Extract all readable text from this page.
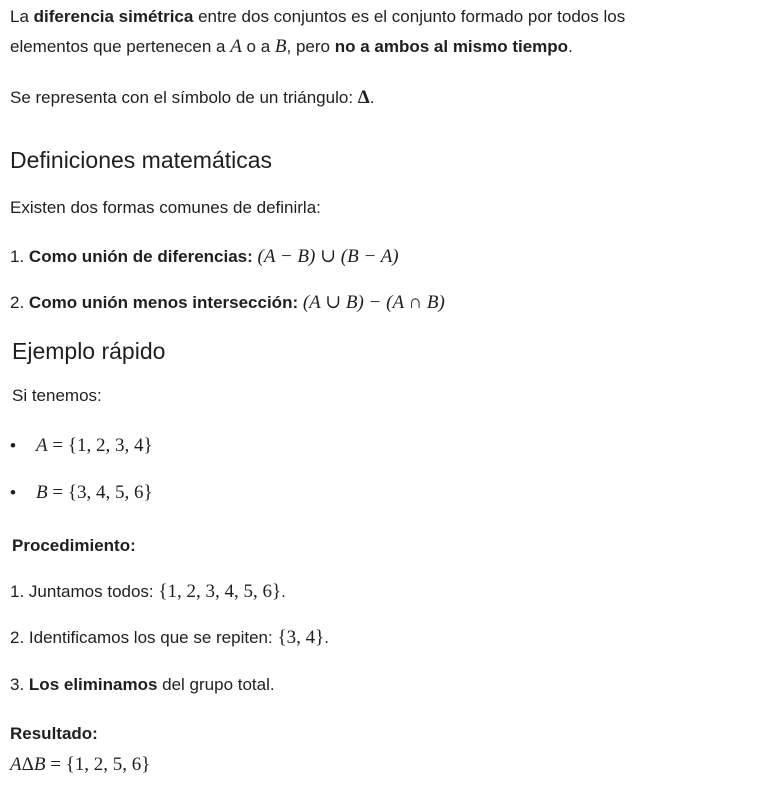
La diferencia simétrica entre dos conjuntos es el conjunto formado por todos los
elementos que pertenecen a A o a B, pero no a ambos al mismo tiempo.
Se representa con el símbolo de un triángulo: Δ.
Definiciones matemáticas
Existen dos formas comunes de definirla:
1. Como unión de diferencias: (A − B) ∪ (B − A)
2. Como unión menos intersección: (A ∪ B) − (A ∩ B)
Ejemplo rápido
Si tenemos:
• A = {1, 2, 3, 4}
• B = {3, 4, 5, 6}
Procedimiento:
1. Juntamos todos: {1, 2, 3, 4, 5, 6}.
2. Identificamos los que se repiten: {3, 4}.
3. Los eliminamos del grupo total.
Resultado:
AΔB = {1, 2, 5, 6}
